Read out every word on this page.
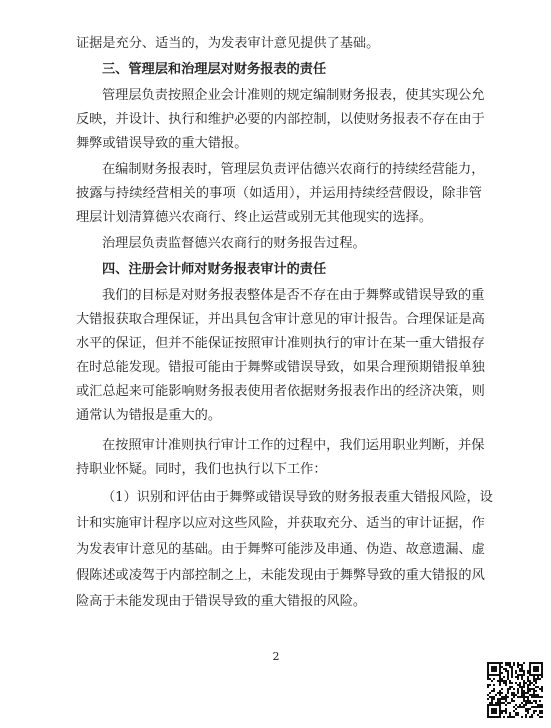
证据是充分、适当的，为发表审计意见提供了基础。
三、管理层和治理层对财务报表的责任
管理层负责按照企业会计准则的规定编制财务报表，使其实现公允
反映，并设计、执行和维护必要的内部控制，以使财务报表不存在由于
舞弊或错误导致的重大错报。
在编制财务报表时，管理层负责评估德兴农商行的持续经营能力，
披露与持续经营相关的事项（如适用），并运用持续经营假设，除非管
理层计划清算德兴农商行、终止运营或别无其他现实的选择。
治理层负责监督德兴农商行的财务报告过程。
四、注册会计师对财务报表审计的责任
我们的目标是对财务报表整体是否不存在由于舞弊或错误导致的重
大错报获取合理保证，并出具包含审计意见的审计报告。合理保证是高
水平的保证，但并不能保证按照审计准则执行的审计在某一重大错报存
在时总能发现。错报可能由于舞弊或错误导致，如果合理预期错报单独
或汇总起来可能影响财务报表使用者依据财务报表作出的经济决策，则
通常认为错报是重大的。
在按照审计准则执行审计工作的过程中，我们运用职业判断，并保
持职业怀疑。同时，我们也执行以下工作：
（1）识别和评估由于舞弊或错误导致的财务报表重大错报风险，设
计和实施审计程序以应对这些风险，并获取充分、适当的审计证据，作
为发表审计意见的基础。由于舞弊可能涉及串通、伪造、故意遗漏、虚
假陈述或凌驾于内部控制之上，未能发现由于舞弊导致的重大错报的风
险高于未能发现由于错误导致的重大错报的风险。
2
